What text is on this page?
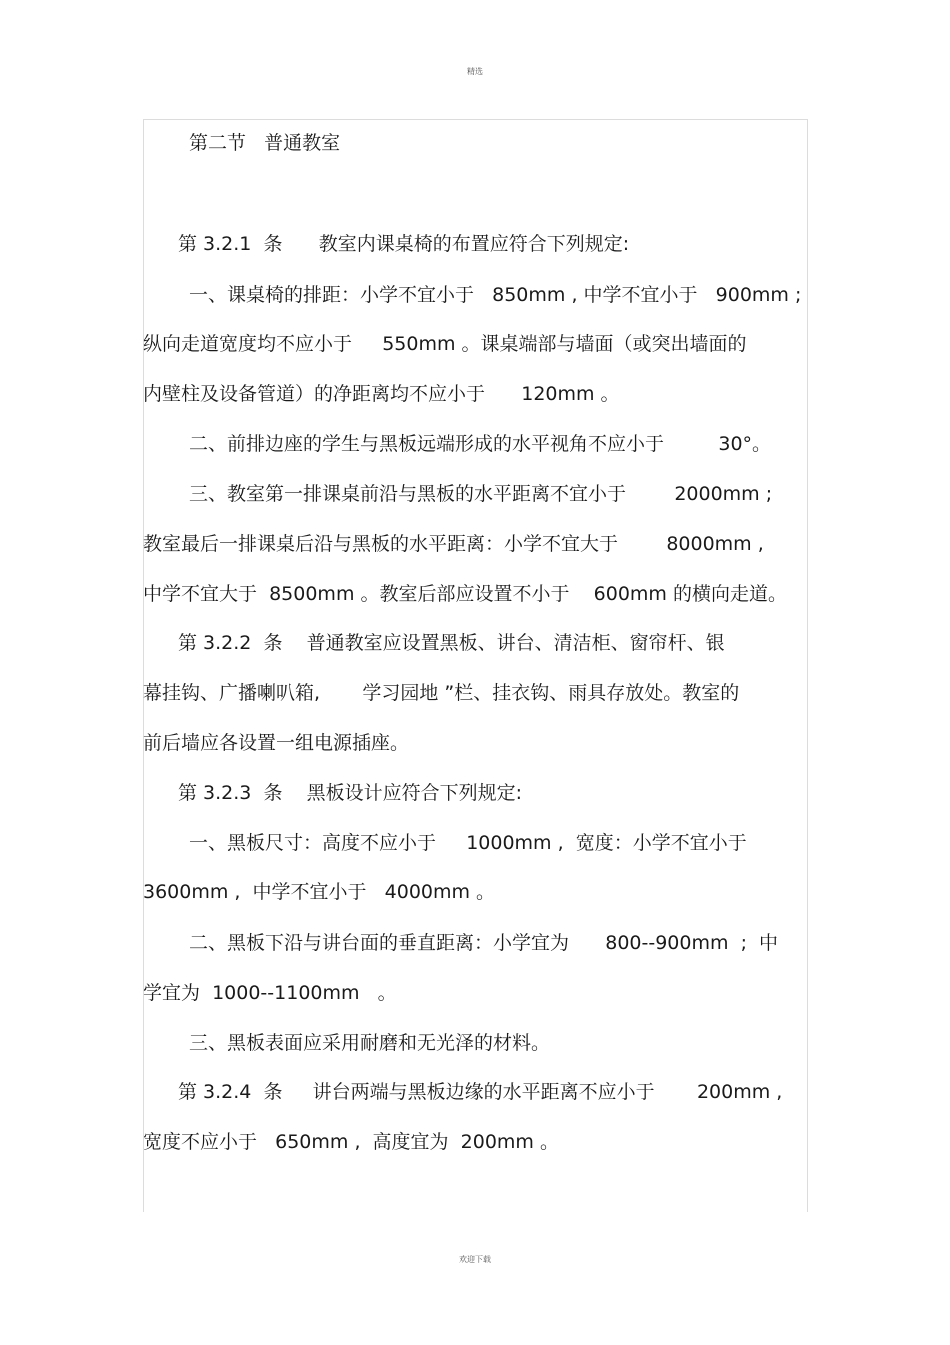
精选
第二节   普通教室
第 3.2.1  条      教室内课桌椅的布置应符合下列规定:
一、课桌椅的排距：小学不宜小于   850mm , 中学不宜小于   900mm ;
纵向走道宽度均不应小于     550mm 。课桌端部与墙面（或突出墙面的
内壁柱及设备管道）的净距离均不应小于      120mm 。
二、前排边座的学生与黑板远端形成的水平视角不应小于         30°。
三、教室第一排课桌前沿与黑板的水平距离不宜小于        2000mm ;
教室最后一排课桌后沿与黑板的水平距离：小学不宜大于        8000mm ,
中学不宜大于  8500mm 。教室后部应设置不小于    600mm 的横向走道。
第 3.2.2  条    普通教室应设置黑板、讲台、清洁柜、窗帘杆、银
幕挂钩、广播喇叭箱,       学习园地 ”栏、挂衣钩、雨具存放处。教室的
前后墙应各设置一组电源插座。
第 3.2.3  条    黑板设计应符合下列规定:
一、黑板尺寸：高度不应小于     1000mm ,  宽度：小学不宜小于
3600mm ,  中学不宜小于   4000mm 。
二、黑板下沿与讲台面的垂直距离：小学宜为      800--900mm  ;  中
学宜为  1000--1100mm   。
三、黑板表面应采用耐磨和无光泽的材料。
第 3.2.4  条     讲台两端与黑板边缘的水平距离不应小于       200mm ,
宽度不应小于   650mm ,  高度宜为  200mm 。
欢迎下载
